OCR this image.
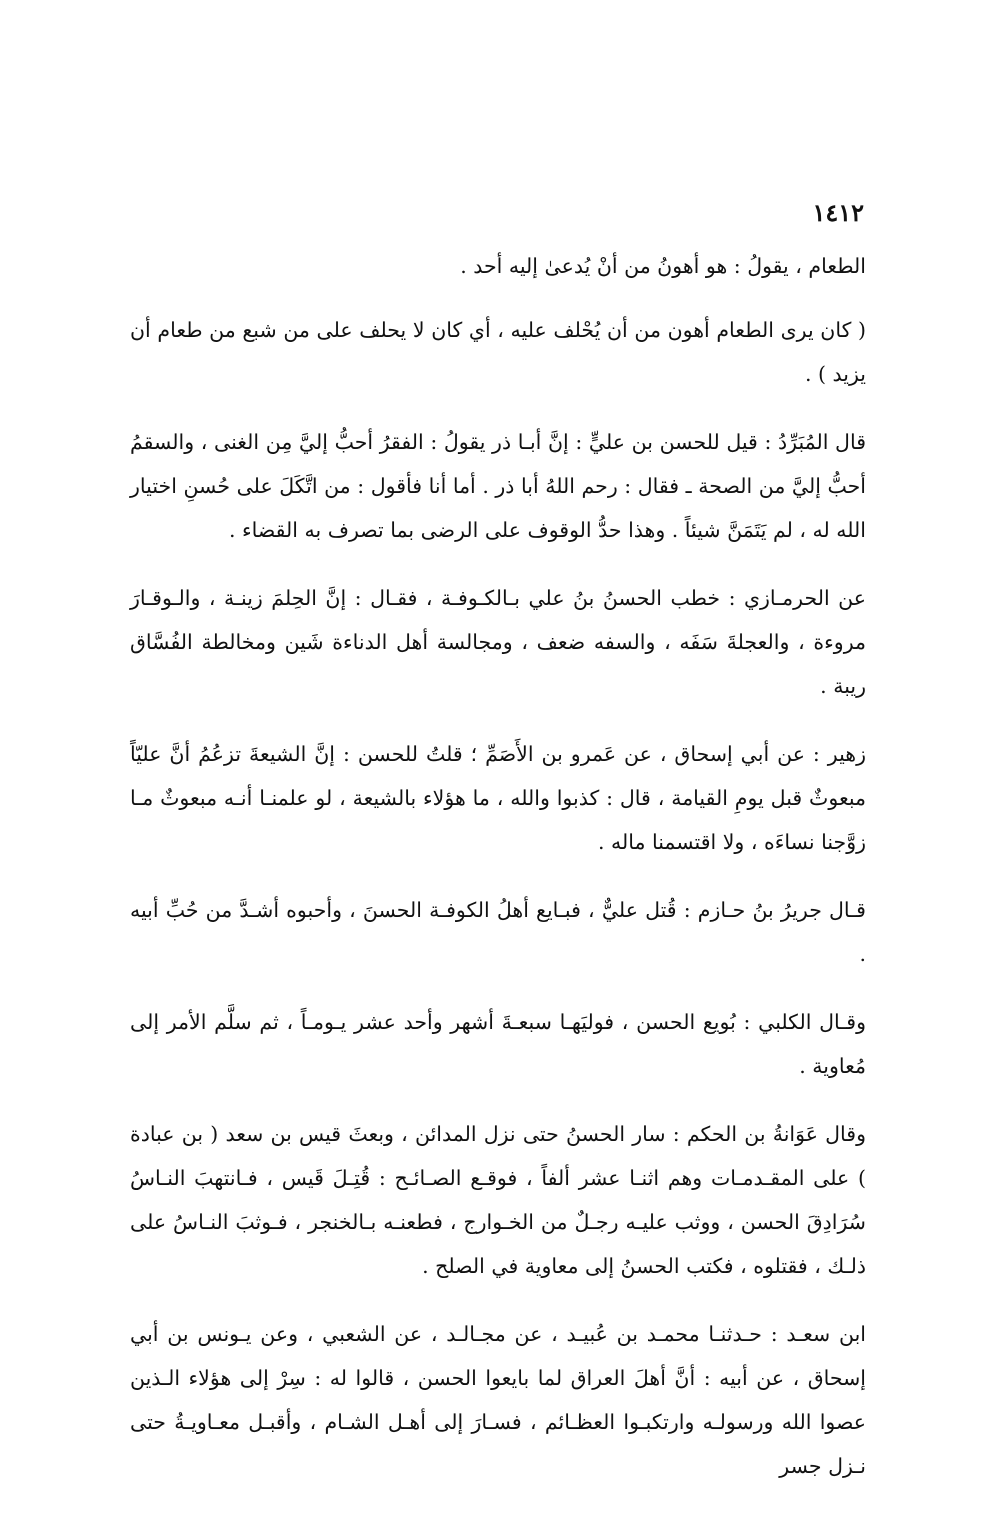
١٤١٢

الطعام ، يقولُ : هو أهونُ من أنْ يُدعىٰ إليه أحد .

( كان يرى الطعام أهون من أن يُحْلف عليه ، أي كان لا يحلف على من شبع من طعام أن يزيد ) .

قال المُبَرِّدُ : قيل للحسن بن عليٍّ : إنَّ أبـا ذر يقولُ : الفقرُ أحبُّ إليَّ مِن الغنى ، والسقمُ أحبُّ إليَّ من الصحة ـ فقال : رحم اللهُ أبا ذر . أما أنا فأقول : من اتَّكَلَ على حُسنِ اختيار الله له ، لم يَتَمَنَّ شيئاً . وهذا حدُّ الوقوف على الرضى بما تصرف به القضاء .

عن الحرمـازي : خطب الحسنُ بنُ علي بـالكـوفـة ، فقـال : إنَّ الحِلمَ زينـة ، والـوقـارَ مروءة ، والعجلةَ سَفَه ، والسفه ضعف ، ومجالسة أهل الدناءة شَين ومخالطة الفُسَّاق ريبة .

زهير : عن أبي إسحاق ، عن عَمرو بن الأَصَمِّ ؛ قلتُ للحسن : إنَّ الشيعةَ تزعُمُ أنَّ عليّاً مبعوثٌ قبل يومِ القيامة ، قال : كذبوا والله ، ما هؤلاء بالشيعة ، لو علمنـا أنـه مبعوثٌ مـا زوَّجنا نساءَه ، ولا اقتسمنا ماله .

قـال جريرُ بنُ حـازم : قُتل عليٌّ ، فبـايع أهلُ الكوفـة الحسنَ ، وأحبوه أشـدَّ من حُبِّ أبيه .

وقـال الكلبي : بُويع الحسن ، فوليَهـا سبعـةَ أشهر وأحد عشر يـومـاً ، ثم سلَّم الأمر إلى مُعاوية .

وقال عَوَانةُ بن الحكم : سار الحسنُ حتى نزل المدائن ، وبعثَ قيس بن سعد ( بن عبادة ) على المقـدمـات وهم اثنـا عشر ألفاً ، فوقـع الصـائـح : قُتِـلَ قَيس ، فـانتهبَ النـاسُ سُرَادِقَ الحسن ، ووثب عليـه رجـلٌ من الخـوارج ، فطعنـه بـالخنجر ، فـوثبَ النـاسُ على ذلـك ، فقتلوه ، فكتب الحسنُ إلى معاوية في الصلح .

ابن سعـد : حـدثنـا محمـد بن عُبيـد ، عن مجـالـد ، عن الشعبي ، وعن يـونس بن أبي إسحاق ، عن أبيه : أنَّ أهلَ العراق لما بايعوا الحسن ، قالوا له : سِرْ إلى هؤلاء الـذين عصوا الله ورسولـه وارتكبـوا العظـائم ، فسـارَ إلى أهـل الشـام ، وأقبـل معـاويـةُ حتى نـزل جسر
